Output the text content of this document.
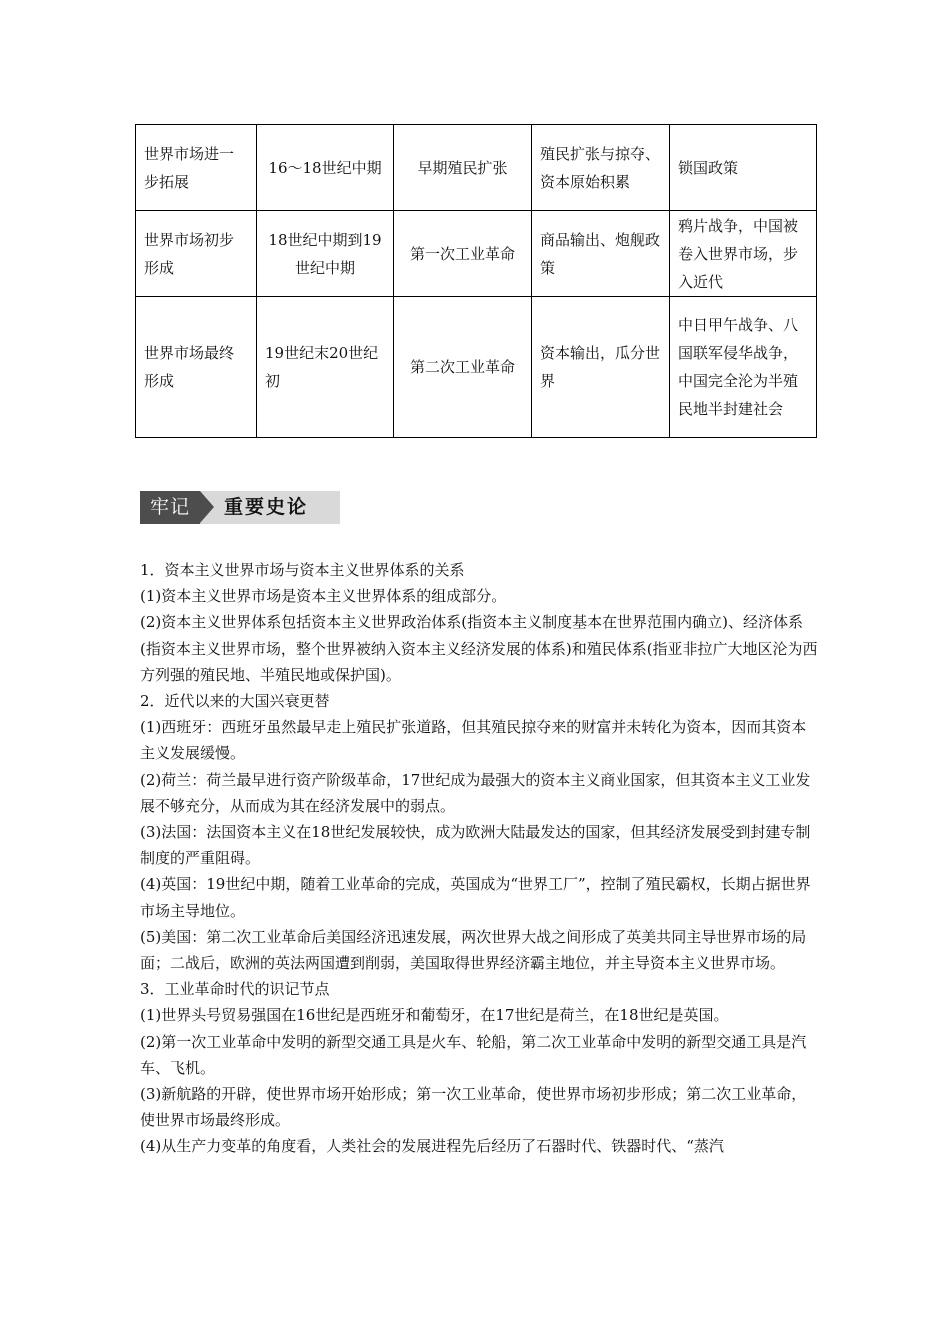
世界市场进一步拓展	16～18世纪中期	早期殖民扩张	殖民扩张与掠夺、资本原始积累	锁国政策
世界市场初步形成	18世纪中期到19世纪中期	第一次工业革命	商品输出、炮舰政策	鸦片战争，中国被卷入世界市场，步入近代
世界市场最终形成	19世纪末20世纪初	第二次工业革命	资本输出，瓜分世界	中日甲午战争、八国联军侵华战争，中国完全沦为半殖民地半封建社会
牢记	重要史论

1．资本主义世界市场与资本主义世界体系的关系

(1)资本主义世界市场是资本主义世界体系的组成部分。

(2)资本主义世界体系包括资本主义世界政治体系(指资本主义制度基本在世界范围内确立)、经济体系(指资本主义世界市场，整个世界被纳入资本主义经济发展的体系)和殖民体系(指亚非拉广大地区沦为西方列强的殖民地、半殖民地或保护国)。

2．近代以来的大国兴衰更替

(1)西班牙：西班牙虽然最早走上殖民扩张道路，但其殖民掠夺来的财富并未转化为资本，因而其资本主义发展缓慢。

(2)荷兰：荷兰最早进行资产阶级革命，17世纪成为最强大的资本主义商业国家，但其资本主义工业发展不够充分，从而成为其在经济发展中的弱点。

(3)法国：法国资本主义在18世纪发展较快，成为欧洲大陆最发达的国家，但其经济发展受到封建专制制度的严重阻碍。

(4)英国：19世纪中期，随着工业革命的完成，英国成为“世界工厂”，控制了殖民霸权，长期占据世界市场主导地位。

(5)美国：第二次工业革命后美国经济迅速发展，两次世界大战之间形成了英美共同主导世界市场的局面；二战后，欧洲的英法两国遭到削弱，美国取得世界经济霸主地位，并主导资本主义世界市场。

3．工业革命时代的识记节点

(1)世界头号贸易强国在16世纪是西班牙和葡萄牙，在17世纪是荷兰，在18世纪是英国。

(2)第一次工业革命中发明的新型交通工具是火车、轮船，第二次工业革命中发明的新型交通工具是汽车、飞机。

(3)新航路的开辟，使世界市场开始形成；第一次工业革命，使世界市场初步形成；第二次工业革命，使世界市场最终形成。

(4)从生产力变革的角度看，人类社会的发展进程先后经历了石器时代、铁器时代、“蒸汽
